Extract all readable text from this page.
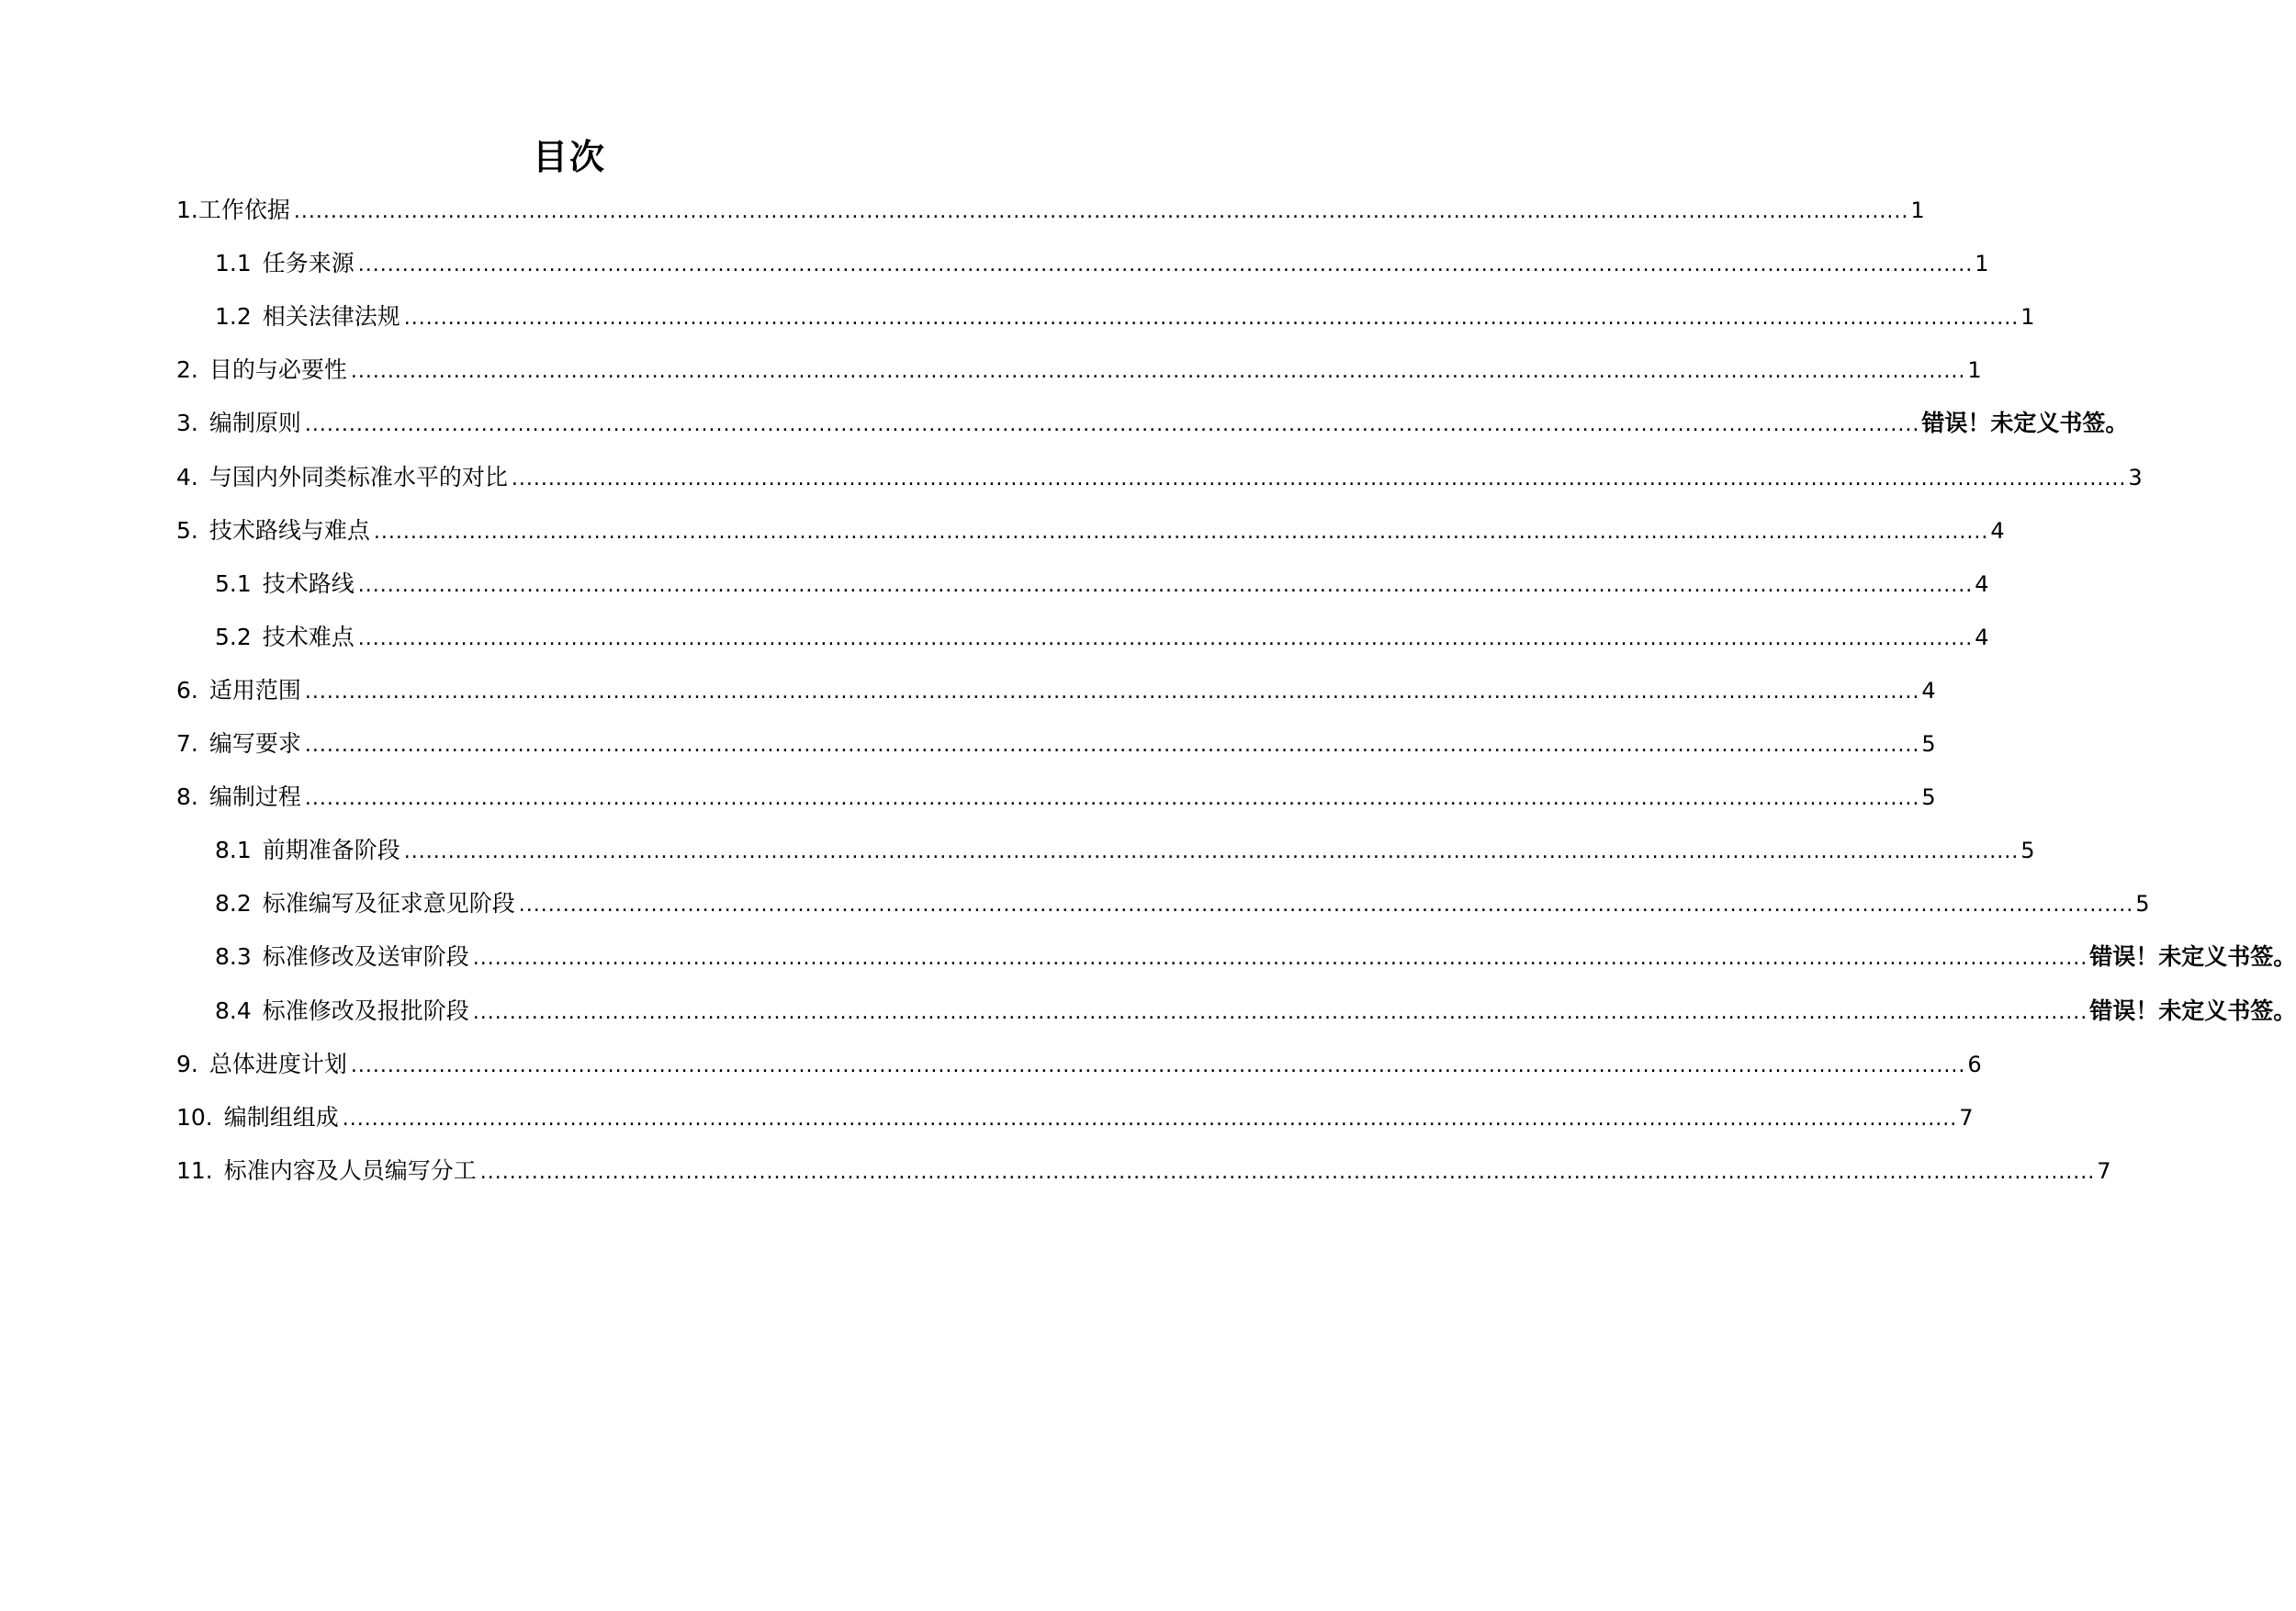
目次
1. 工作依据 ............................................................................................................................................................................................................................ 1
1.1 任务来源 ............................................................................................................................................................................................................................ 1
1.2 相关法律法规 ............................................................................................................................................................................................................................ 1
2. 目的与必要性 ............................................................................................................................................................................................................................ 1
3. 编制原则 ............................................................................................................................................................................................................................ 错误！未定义书签。
4. 与国内外同类标准水平的对比 ............................................................................................................................................................................................................................ 3
5. 技术路线与难点 ............................................................................................................................................................................................................................ 4
5.1 技术路线 ............................................................................................................................................................................................................................ 4
5.2 技术难点 ............................................................................................................................................................................................................................ 4
6. 适用范围 ............................................................................................................................................................................................................................ 4
7. 编写要求 ............................................................................................................................................................................................................................ 5
8. 编制过程 ............................................................................................................................................................................................................................ 5
8.1 前期准备阶段 ............................................................................................................................................................................................................................ 5
8.2 标准编写及征求意见阶段 ............................................................................................................................................................................................................................ 5
8.3 标准修改及送审阶段 ............................................................................................................................................................................................................................ 错误！未定义书签。
8.4 标准修改及报批阶段 ............................................................................................................................................................................................................................ 错误！未定义书签。
9. 总体进度计划 ............................................................................................................................................................................................................................ 6
10. 编制组组成 ............................................................................................................................................................................................................................ 7
11. 标准内容及人员编写分工 ............................................................................................................................................................................................................................ 7
